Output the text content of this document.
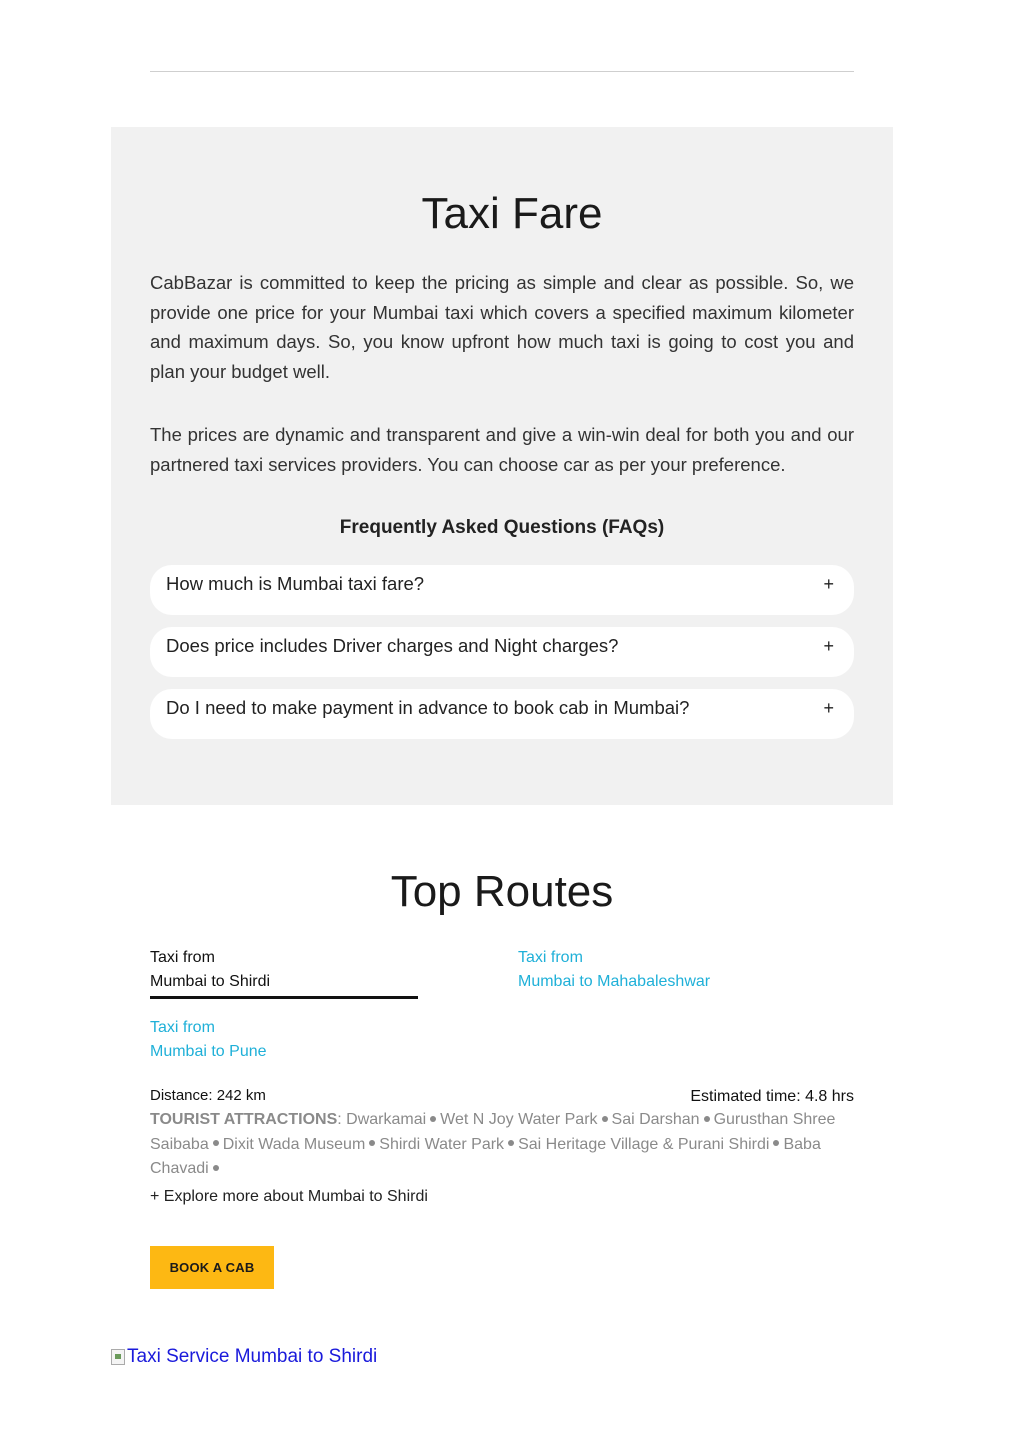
Taxi Fare

CabBazar is committed to keep the pricing as simple and clear as possible. So, we provide one price for your Mumbai taxi which covers a specified maximum kilometer and maximum days. So, you know upfront how much taxi is going to cost you and plan your budget well.

The prices are dynamic and transparent and give a win-win deal for both you and our partnered taxi services providers. You can choose car as per your preference.

Frequently Asked Questions (FAQs)
How much is Mumbai taxi fare?	+
Does price includes Driver charges and Night charges?	+
Do I need to make payment in advance to book cab in Mumbai?	+
Top Routes
Taxi from
Mumbai to Shirdi
Taxi from
Mumbai to Mahabaleshwar
Taxi from
Mumbai to Pune
Distance: 242 km	Estimated time: 4.8 hrs

TOURIST ATTRACTIONS: Dwarkamai Wet N Joy Water Park Sai Darshan Gurusthan Shree Saibaba Dixit Wada Museum Shirdi Water Park Sai Heritage Village & Purani Shirdi Baba Chavadi

+ Explore more about Mumbai to Shirdi
BOOK A CAB
Taxi Service Mumbai to Shirdi
